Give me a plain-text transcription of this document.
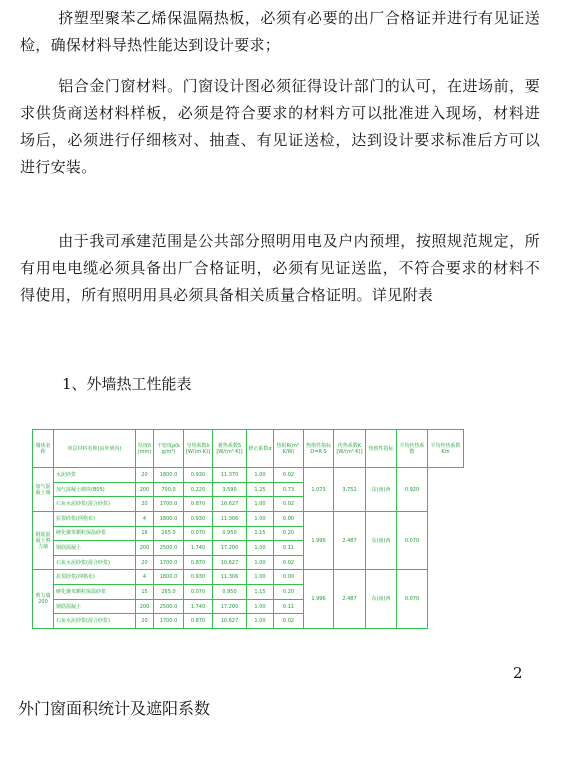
挤塑型聚苯乙烯保温隔热板，必须有必要的出厂合格证并进行有见证送检，确保材料导热性能达到设计要求；

铝合金门窗材料。门窗设计图必须征得设计部门的认可，在进场前，要求供货商送材料样板，必须是符合要求的材料方可以批准进入现场，材料进场后，必须进行仔细核对、抽查、有见证送检，达到设计要求标准后方可以进行安装。

由于我司承建范围是公共部分照明用电及户内预埋，按照规范规定，所有用电电缆必须具备出厂合格证明，必须有见证送监，不符合要求的材料不得使用，所有照明用具必须具备相关质量合格证明。详见附表

1、外墙热工性能表

墙体名称	单层材料名称(由外到内)	厚度δ(mm)	干密度ρ(kg/m³)	导热系数λ[W/(m·K)]	蓄热系数S[W/(m²·K)]	修正系数α	热阻R(m²·K/W)	热惰性指标D=R·S	传热系数K[W/(m²·K)]	热惰性指标	平均传热系数	平均传热系数Km
加气混凝土墙	水泥砂浆	20	1800.0	0.930	11.370	1.00	0.02	1.073	3.752	东(南)西	0.920	
	加气混凝土砌块(B05)	200	700.0	0.220	3.590	1.25	0.73					
	石灰水泥砂浆(混合砂浆)	20	1700.0	0.870	10.627	1.00	0.02					
钢筋混凝土剪力墙	抗裂砂浆(网格布)	4	1800.0	0.930	11.306	1.00	0.00	1.996	2.487	东(南)西	0.070	
	硬化聚苯颗粒保温砂浆	16	265.0	0.070	0.950	1.15	0.20					
	钢筋混凝土	200	2500.0	1.740	17.200	1.00	0.11					
	石灰水泥砂浆(混合砂浆)	20	1700.0	0.870	10.627	1.00	0.02					
剪力墙200	抗裂砂浆(网格布)	4	1800.0	0.930	11.306	1.00	0.00	1.996	2.487	东(南)西	0.070	
	硬化聚苯颗粒保温砂浆	15	265.0	0.070	0.950	1.15	0.20					
	钢筋混凝土	200	2500.0	1.740	17.200	1.00	0.11					
	石灰水泥砂浆(混合砂浆)	20	1700.0	0.870	10.627	1.00	0.02					
2
外门窗面积统计及遮阳系数
